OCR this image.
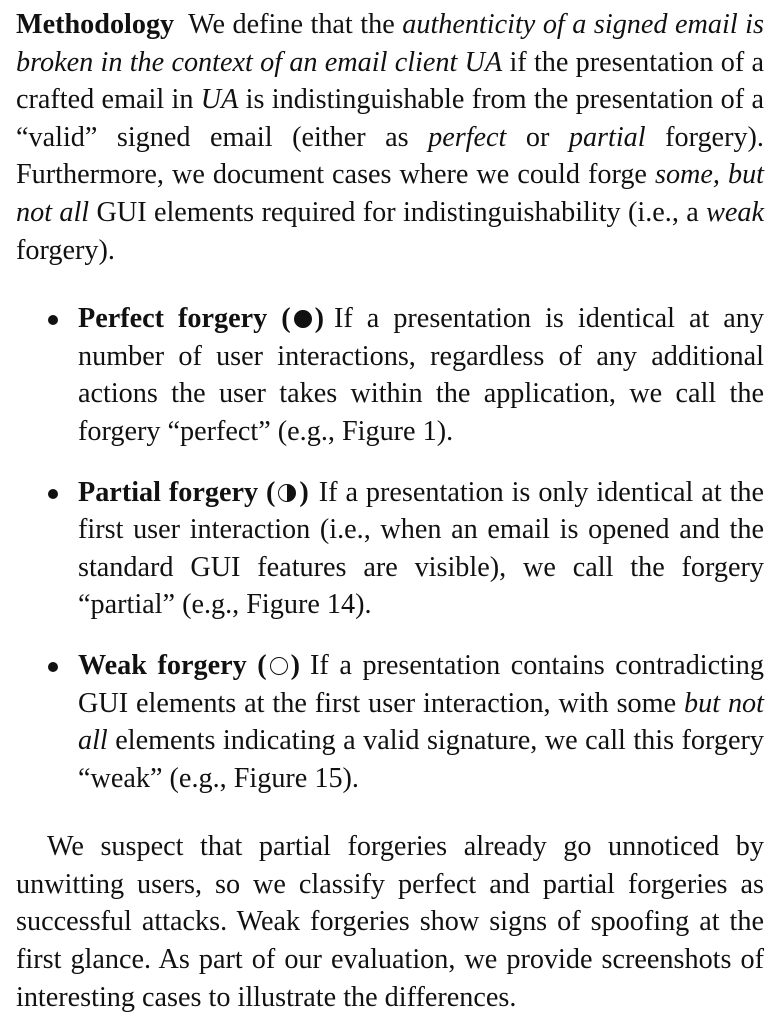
Methodology We define that the authenticity of a signed email is broken in the context of an email client UA if the presentation of a crafted email in UA is indistinguishable from the presentation of a “valid” signed email (either as perfect or partial forgery). Furthermore, we document cases where we could forge some, but not all GUI elements required for indistinguishability (i.e., a weak forgery).

Perfect forgery ( ) If a presentation is identical at any number of user interactions, regardless of any additional actions the user takes within the application, we call the forgery “perfect” (e.g., Figure 1).
Partial forgery ( ) If a presentation is only identical at the first user interaction (i.e., when an email is opened and the standard GUI features are visible), we call the forgery “partial” (e.g., Figure 14).
Weak forgery ( ) If a presentation contains contradicting GUI elements at the first user interaction, with some but not all elements indicating a valid signature, we call this forgery “weak” (e.g., Figure 15).

We suspect that partial forgeries already go unnoticed by unwitting users, so we classify perfect and partial forgeries as successful attacks. Weak forgeries show signs of spoofing at the first glance. As part of our evaluation, we provide screenshots of interesting cases to illustrate the differences.
